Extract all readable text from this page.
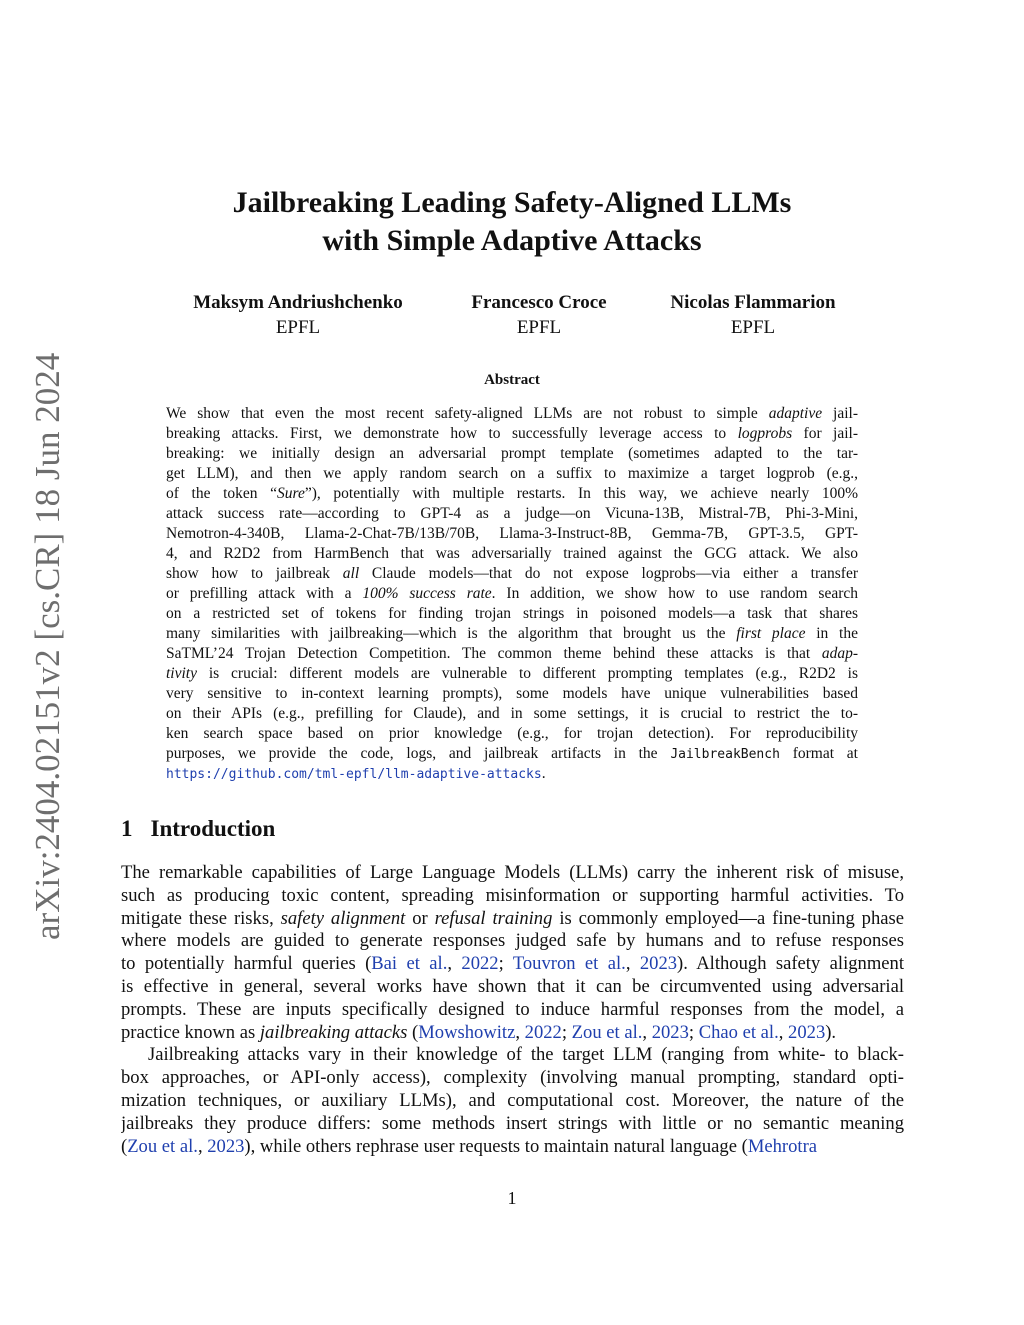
arXiv:2404.02151v2 [cs.CR] 18 Jun 2024
Jailbreaking Leading Safety-Aligned LLMs
with Simple Adaptive Attacks
Maksym Andriushchenko
EPFL
Francesco Croce
EPFL
Nicolas Flammarion
EPFL
Abstract
We show that even the most recent safety-aligned LLMs are not robust to simple adaptive jail-
breaking attacks. First, we demonstrate how to successfully leverage access to logprobs for jail-
breaking: we initially design an adversarial prompt template (sometimes adapted to the tar-
get LLM), and then we apply random search on a suffix to maximize a target logprob (e.g.,
of the token “Sure”), potentially with multiple restarts. In this way, we achieve nearly 100%
attack success rate—according to GPT-4 as a judge—on Vicuna-13B, Mistral-7B, Phi-3-Mini,
Nemotron-4-340B, Llama-2-Chat-7B/13B/70B, Llama-3-Instruct-8B, Gemma-7B, GPT-3.5, GPT-
4, and R2D2 from HarmBench that was adversarially trained against the GCG attack. We also
show how to jailbreak all Claude models—that do not expose logprobs—via either a transfer
or prefilling attack with a 100% success rate. In addition, we show how to use random search
on a restricted set of tokens for finding trojan strings in poisoned models—a task that shares
many similarities with jailbreaking—which is the algorithm that brought us the first place in the
SaTML’24 Trojan Detection Competition. The common theme behind these attacks is that adap-
tivity is crucial: different models are vulnerable to different prompting templates (e.g., R2D2 is
very sensitive to in-context learning prompts), some models have unique vulnerabilities based
on their APIs (e.g., prefilling for Claude), and in some settings, it is crucial to restrict the to-
ken search space based on prior knowledge (e.g., for trojan detection). For reproducibility
purposes, we provide the code, logs, and jailbreak artifacts in the JailbreakBench format at
https://github.com/tml-epfl/llm-adaptive-attacks.
1 Introduction
The remarkable capabilities of Large Language Models (LLMs) carry the inherent risk of misuse,
such as producing toxic content, spreading misinformation or supporting harmful activities. To
mitigate these risks, safety alignment or refusal training is commonly employed—a fine-tuning phase
where models are guided to generate responses judged safe by humans and to refuse responses
to potentially harmful queries (Bai et al., 2022; Touvron et al., 2023). Although safety alignment
is effective in general, several works have shown that it can be circumvented using adversarial
prompts. These are inputs specifically designed to induce harmful responses from the model, a
practice known as jailbreaking attacks (Mowshowitz, 2022; Zou et al., 2023; Chao et al., 2023).
Jailbreaking attacks vary in their knowledge of the target LLM (ranging from white- to black-
box approaches, or API-only access), complexity (involving manual prompting, standard opti-
mization techniques, or auxiliary LLMs), and computational cost. Moreover, the nature of the
jailbreaks they produce differs: some methods insert strings with little or no semantic meaning
(Zou et al., 2023), while others rephrase user requests to maintain natural language (Mehrotra
1
